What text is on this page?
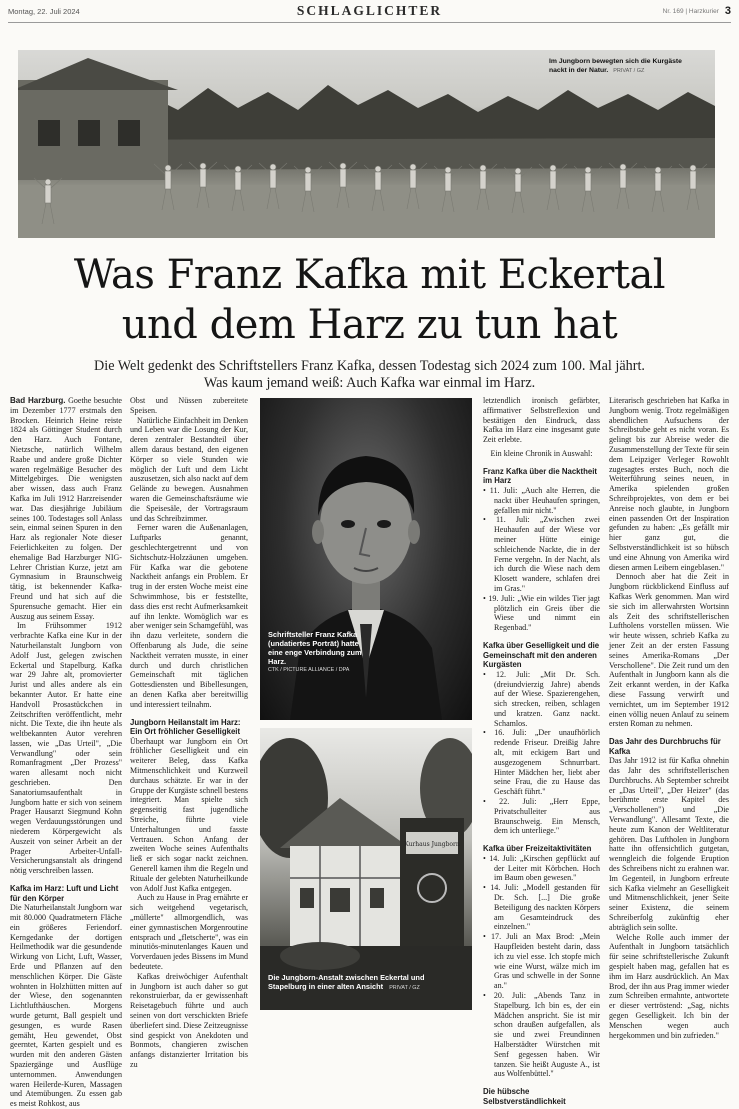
Montag, 22. Juli 2024	SCHLAGLICHTER	Nr. 169 | Harzkurier 3
Im Jungborn bewegten sich die Kurgäste nackt in der Natur. PRIVAT / GZ
Was Franz Kafka mit Eckertal
und dem Harz zu tun hat
Die Welt gedenkt des Schriftstellers Franz Kafka, dessen Todestag sich 2024 zum 100. Mal jährt.
Was kaum jemand weiß: Auch Kafka war einmal im Harz.

Bad Harzburg. Goethe besuchte im Dezember 1777 erstmals den Brocken. Heinrich Heine reiste 1824 als Göttinger Student durch den Harz. Auch Fontane, Nietzsche, natürlich Wilhelm Raabe und andere große Dichter waren regelmäßige Besucher des Mittelgebirges. Die wenigsten aber wissen, dass auch Franz Kafka im Juli 1912 Harzreisender war. Das diesjährige Jubiläum seines 100. Todestages soll Anlass sein, einmal seinen Spuren in den Harz als regionaler Note dieser Feierlichkeiten zu folgen. Der ehemalige Bad Harzburger NIG-Lehrer Christian Kurze, jetzt am Gymnasium in Braunschweig tätig, ist bekennender Kafka-Freund und hat sich auf die Spurensuche gemacht. Hier ein Auszug aus seinem Essay.

Im Frühsommer 1912 verbrachte Kafka eine Kur in der Naturheilanstalt Jungborn von Adolf Just, gelegen zwischen Eckertal und Stapelburg. Kafka war 29 Jahre alt, promovierter Jurist und alles andere als ein bekannter Autor. Er hatte eine Handvoll Prosastückchen in Zeitschriften veröffentlicht, mehr nicht. Die Texte, die ihn heute als weltbekannten Autor verehren lassen, wie „Das Urteil", „Die Verwandlung" oder sein Romanfragment „Der Prozess" waren allesamt noch nicht geschrieben. Den Sanatoriumsaufenthalt in Jungborn hatte er sich von seinem Prager Hausarzt Siegmund Kohn wegen Verdauungsstörungen und niederem Körpergewicht als Auszeit von seiner Arbeit an der Prager Arbeiter-Unfall-Versicherungsanstalt als dringend nötig verschreiben lassen.

Kafka im Harz: Luft und Licht für den Körper

Die Naturheilanstalt Jungborn war mit 80.000 Quadratmetern Fläche ein größeres Feriendorf. Kerngedanke der dortigen Heilmethodik war die gesundende Wirkung von Licht, Luft, Wasser, Erde und Pflanzen auf den menschlichen Körper. Die Gäste wohnten in Holzhütten mitten auf der Wiese, den sogenannten Lichtlufthäuschen. Morgens wurde geturnt, Ball gespielt und gesungen, es wurde Rasen gemäht, Heu gewendet, Obst geerntet, Karten gespielt und es wurden mit den anderen Gästen Spaziergänge und Ausflüge unternommen. Anwendungen waren Heilerde-Kuren, Massagen und Atemübungen. Zu essen gab es meist Rohkost, aus

Obst und Nüssen zubereitete Speisen.

Natürliche Einfachheit im Denken und Leben war die Losung der Kur, deren zentraler Bestandteil über allem daraus bestand, den eigenen Körper so viele Stunden wie möglich der Luft und dem Licht auszusetzen, sich also nackt auf dem Gelände zu bewegen. Ausnahmen waren die Gemeinschaftsräume wie die Speisesäle, der Vortragsraum und das Schreibzimmer.

Ferner waren die Außenanlagen, Luftparks genannt, geschlechtergetrennt und von Sichtschutz-Holzzäunen umgeben. Für Kafka war die gebotene Nacktheit anfangs ein Problem. Er trug in der ersten Woche meist eine Schwimmhose, bis er feststellte, dass dies erst recht Aufmerksamkeit auf ihn lenkte. Womöglich war es aber weniger sein Schamgefühl, was ihn dazu verleitete, sondern die Offenbarung als Jude, die seine Nacktheit verraten musste, in einer durch und durch christlichen Gemeinschaft mit täglichen Gottesdiensten und Bibellesungen, an denen Kafka aber bereitwillig und interessiert teilnahm.

Jungborn Heilanstalt im Harz: Ein Ort fröhlicher Geselligkeit

Überhaupt war Jungborn ein Ort fröhlicher Geselligkeit und ein weiterer Beleg, dass Kafka Mitmenschlichkeit und Kurzweil durchaus schätzte. Er war in der Gruppe der Kurgäste schnell bestens integriert. Man spielte sich gegenseitig fast jugendliche Streiche, führte viele Unterhaltungen und fasste Vertrauen. Schon Anfang der zweiten Woche seines Aufenthalts ließ er sich sogar nackt zeichnen. Generell kamen ihm die Regeln und Rituale der gelebten Naturheilkunde von Adolf Just Kafka entgegen.

Auch zu Hause in Prag ernährte er sich weitgehend vegetarisch, „müllerte" allmorgendlich, was einer gymnastischen Morgenroutine entsprach und „fletscherte", was ein minutiös-minutenlanges Kauen und Vorverdauen jedes Bissens im Mund bedeutete.

Kafkas dreiwöchiger Aufenthalt in Jungborn ist auch daher so gut rekonstruierbar, da er gewissenhaft Reisetagebuch führte und auch seinen von dort verschickten Briefe überliefert sind. Diese Zeitzeugnisse sind gespickt von Anekdoten und Bonmots, changieren zwischen anfangs distanzierter Irritation bis zu

Schriftsteller Franz Kafka (undatiertes Porträt) hatte eine enge Verbindung zum Harz.
CTK / PICTURE ALLIANCE / DPA
Kurhaus Jungborn
Die Jungborn-Anstalt zwischen Eckertal und Stapelburg in einer alten Ansicht PRIVAT / GZ

letztendlich ironisch gefärbter, affirmativer Selbstreflexion und bestätigen den Eindruck, dass Kafka im Harz eine insgesamt gute Zeit erlebte.

Ein kleine Chronik in Auswahl:

Franz Kafka über die Nacktheit im Harz

• 11. Juli: „Auch alte Herren, die nackt über Heuhaufen springen, gefallen mir nicht."

• 11. Juli: „Zwischen zwei Heuhaufen auf der Wiese vor meiner Hütte einige schleichende Nackte, die in der Ferne vergehn. In der Nacht, als ich durch die Wiese nach dem Klosett wandere, schlafen drei im Gras."

• 19. Juli: „Wie ein wildes Tier jagt plötzlich ein Greis über die Wiese und nimmt ein Regenbad."

Kafka über Geselligkeit und die Gemeinschaft mit den anderen Kurgästen

• 12. Juli: „Mit Dr. Sch. (dreiundvierzig Jahre) abends auf der Wiese. Spazierengehen, sich strecken, reiben, schlagen und kratzen. Ganz nackt. Schamlos.

• 16. Juli: „Der unaufhörlich redende Friseur. Dreißig Jahre alt, mit eckigem Bart und ausgezogenem Schnurrbart. Hinter Mädchen her, liebt aber seine Frau, die zu Hause das Geschäft führt."

• 22. Juli: „Herr Eppe, Privatschulleiter aus Braunschweig. Ein Mensch, dem ich unterliege."

Kafka über Freizeitaktivitäten

• 14. Juli: „Kirschen gepflückt auf der Leiter mit Körbchen. Hoch im Baum oben gewesen."

• 14. Juli: „Modell gestanden für Dr. Sch. [...] Die große Beteiligung des nackten Körpers am Gesamteindruck des einzelnen."

• 17. Juli an Max Brod: „Mein Haupfleiden besteht darin, dass ich zu viel esse. Ich stopfe mich wie eine Wurst, wälze mich im Gras und schwelle in der Sonne an."

• 20. Juli: „Abends Tanz in Stapelburg. Ich bin es, der ein Mädchen anspricht. Sie ist mir schon draußen aufgefallen, als sie und zwei Freundinnen Halberstädter Würstchen mit Senf gegessen haben. Wir tanzen. Sie heißt Auguste A., ist aus Wolfenbüttel."

Die hübsche Selbstverständlichkeit

Literarisch geschrieben hat Kafka in Jungborn wenig. Trotz regelmäßigen abendlichen Aufsuchens der Schreibstube geht es nicht voran. Es gelingt bis zur Abreise weder die Zusammenstellung der Texte für sein dem Leipziger Verleger Rowohlt zugesagtes erstes Buch, noch die Weiterführung seines neuen, in Amerika spielenden großen Schreibprojektes, von dem er bei Anreise noch glaubte, in Jungborn einen passenden Ort der Inspiration gefunden zu haben: „Es gefällt mir hier ganz gut, die Selbstverständlichkeit ist so hübsch und eine Ahnung von Amerika wird diesen armen Leibern eingeblasen."

Dennoch aber hat die Zeit in Jungborn rückblickend Einfluss auf Kafkas Werk genommen. Man wird sie sich im allerwahrsten Wortsinn als Zeit des schriftstellerischen Luftholens vorstellen müssen. Wie wir heute wissen, schrieb Kafka zu jener Zeit an der ersten Fassung seines Amerika-Romans „Der Verschollene". Die Zeit rund um den Aufenthalt in Jungborn kann als die Zeit erkannt werden, in der Kafka diese Fassung verwirft und vernichtet, um im September 1912 einen völlig neuen Anlauf zu seinem ersten Roman zu nehmen.

Das Jahr des Durchbruchs für Kafka

Das Jahr 1912 ist für Kafka ohnehin das Jahr des schriftstellerischen Durchbruchs. Ab September schreibt er „Das Urteil", „Der Heizer" (das berühmte erste Kapitel des „Verschollenen") und „Die Verwandlung". Allesamt Texte, die heute zum Kanon der Weltliteratur gehören. Das Luftholen in Jungborn hatte ihn offensichtlich gutgetan, wenngleich die folgende Eruption des Schreibens nicht zu erahnen war. Im Gegenteil, in Jungborn erfreute sich Kafka vielmehr an Geselligkeit und Mitmenschlichkeit, jener Seite seiner Existenz, die seinem Schreiberfolg zukünftig eher abträglich sein sollte.

Welche Rolle auch immer der Aufenthalt in Jungborn tatsächlich für seine schriftstellerische Zukunft gespielt haben mag, gefallen hat es ihm im Harz ausdrücklich. An Max Brod, der ihn aus Prag immer wieder zum Schreiben ermahnte, antwortete er dieser vertröstend: „Sag, nichts gegen Geselligkeit. Ich bin der Menschen wegen auch hergekommen und bin zufrieden."
